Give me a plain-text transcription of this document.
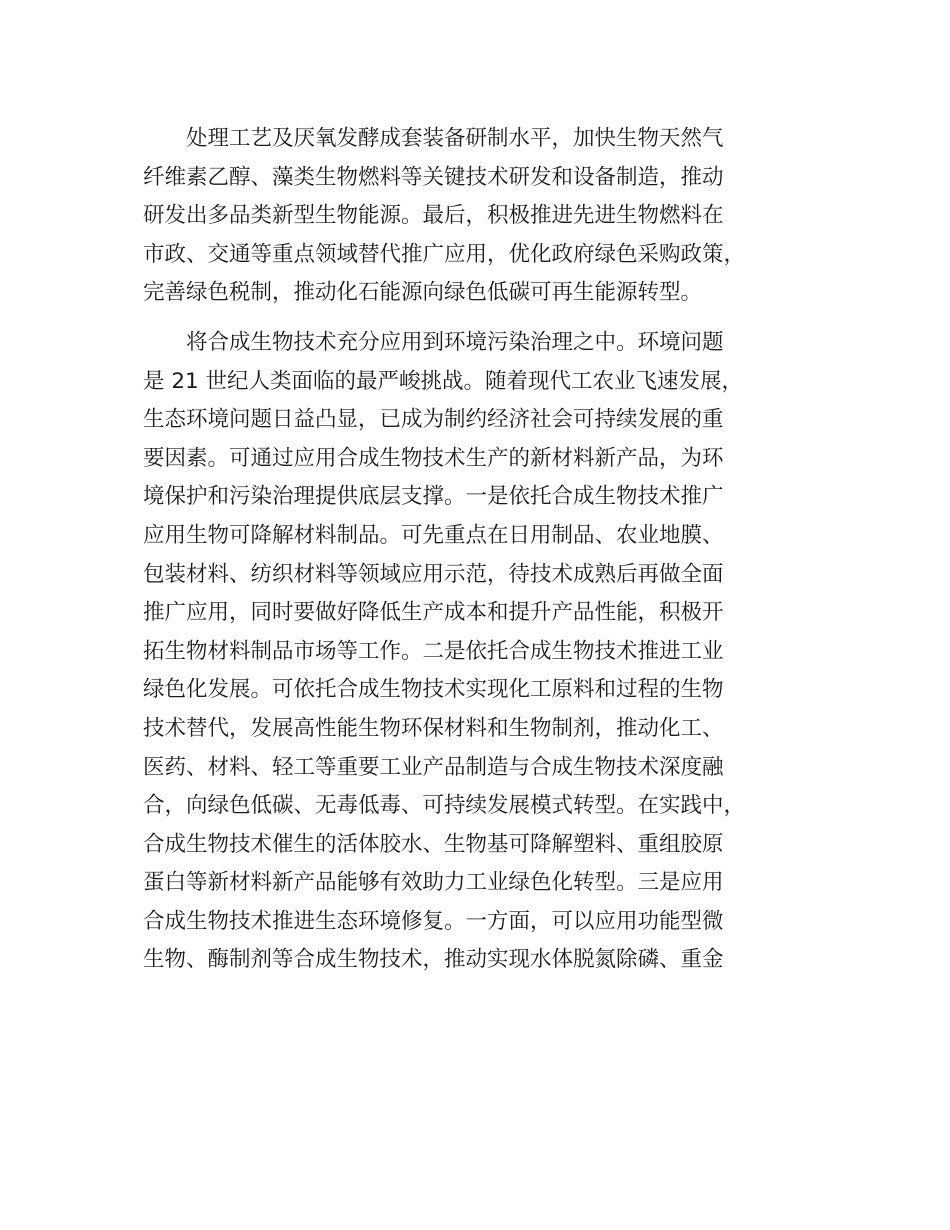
处理工艺及厌氧发酵成套装备研制水平，加快生物天然气
纤维素乙醇、藻类生物燃料等关键技术研发和设备制造，推动
研发出多品类新型生物能源。最后，积极推进先进生物燃料在
市政、交通等重点领域替代推广应用，优化政府绿色采购政策，
完善绿色税制，推动化石能源向绿色低碳可再生能源转型。
将合成生物技术充分应用到环境污染治理之中。环境问题
是 21 世纪人类面临的最严峻挑战。随着现代工农业飞速发展，
生态环境问题日益凸显，已成为制约经济社会可持续发展的重
要因素。可通过应用合成生物技术生产的新材料新产品，为环
境保护和污染治理提供底层支撑。一是依托合成生物技术推广
应用生物可降解材料制品。可先重点在日用制品、农业地膜、
包装材料、纺织材料等领域应用示范，待技术成熟后再做全面
推广应用，同时要做好降低生产成本和提升产品性能，积极开
拓生物材料制品市场等工作。二是依托合成生物技术推进工业
绿色化发展。可依托合成生物技术实现化工原料和过程的生物
技术替代，发展高性能生物环保材料和生物制剂，推动化工、
医药、材料、轻工等重要工业产品制造与合成生物技术深度融
合，向绿色低碳、无毒低毒、可持续发展模式转型。在实践中，
合成生物技术催生的活体胶水、生物基可降解塑料、重组胶原
蛋白等新材料新产品能够有效助力工业绿色化转型。三是应用
合成生物技术推进生态环境修复。一方面，可以应用功能型微
生物、酶制剂等合成生物技术，推动实现水体脱氮除磷、重金
